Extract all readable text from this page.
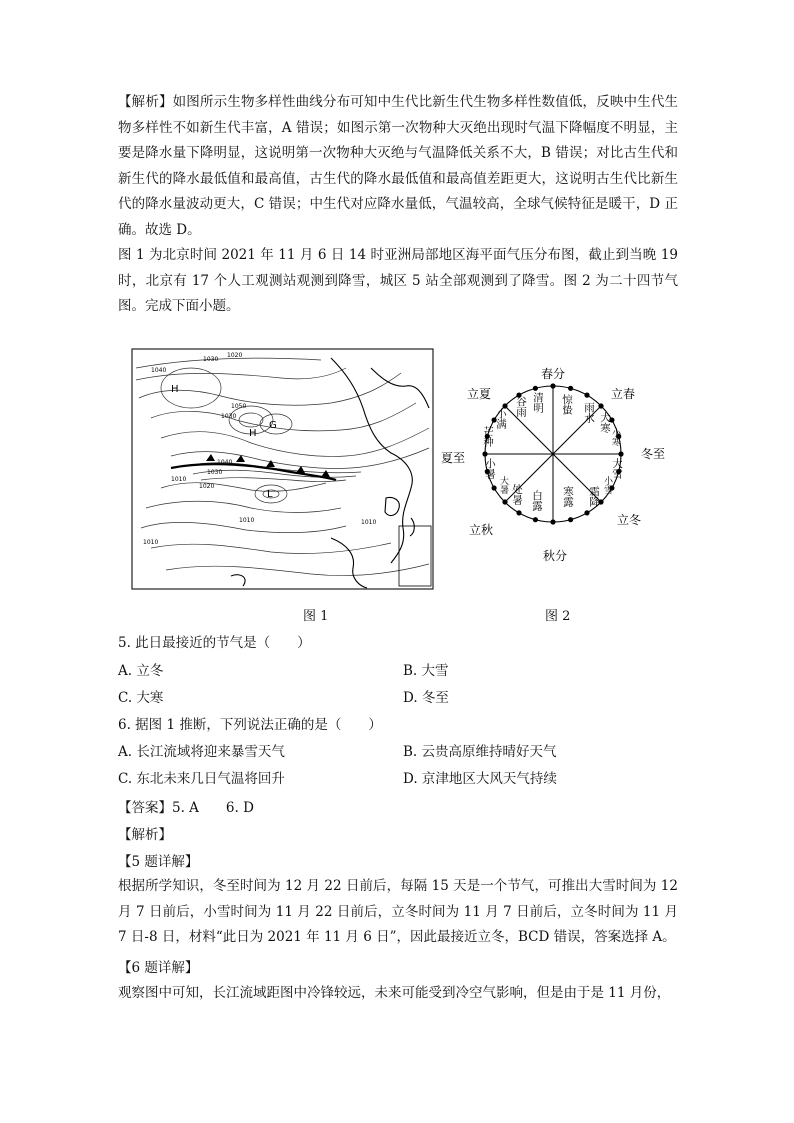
【解析】如图所示生物多样性曲线分布可知中生代比新生代生物多样性数值低，反映中生代生物多样性不如新生代丰富，A 错误；如图示第一次物种大灭绝出现时气温下降幅度不明显，主要是降水量下降明显，这说明第一次物种大灭绝与气温降低关系不大，B 错误；对比古生代和新生代的降水最低值和最高值，古生代的降水最低值和最高值差距更大，这说明古生代比新生代的降水量波动更大，C 错误；中生代对应降水量低，气温较高，全球气候特征是暖干，D 正确。故选 D。

图 1 为北京时间 2021 年 11 月 6 日 14 时亚洲局部地区海平面气压分布图，截止到当晚 19 时，北京有 17 个人工观测站观测到降雪，城区 5 站全部观测到了降雪。图 2 为二十四节气图。完成下面小题。

1020
1030
1040
1030
1050
H
H
G
1040
1030
1010
1020
L
1010
1010
1010
春分
立春
冬至
立冬
秋分
立秋
夏至
立夏	清明 惊蛰 雨水 大寒
小寒
大雪
小雪
霜降
寒露
白露
处暑
大暑
小暑
芒种
小满
谷雨
图 1	图 2
5. 此日最接近的节气是（　　）
A. 立冬	B. 大雪
C. 大寒	D. 冬至
6. 据图 1 推断，下列说法正确的是（　　）
A. 长江流域将迎来暴雪天气	B. 云贵高原维持晴好天气
C. 东北未来几日气温将回升	D. 京津地区大风天气持续
【答案】5. A　　6. D
【解析】
【5 题详解】

根据所学知识，冬至时间为 12 月 22 日前后，每隔 15 天是一个节气，可推出大雪时间为 12 月 7 日前后，小雪时间为 11 月 22 日前后，立冬时间为 11 月 7 日前后，立冬时间为 11 月 7 日-8 日，材料“此日为 2021 年 11 月 6 日”，因此最接近立冬，BCD 错误，答案选择 A。

【6 题详解】

观察图中可知，长江流域距图中冷锋较远，未来可能受到冷空气影响，但是由于是 11 月份，
